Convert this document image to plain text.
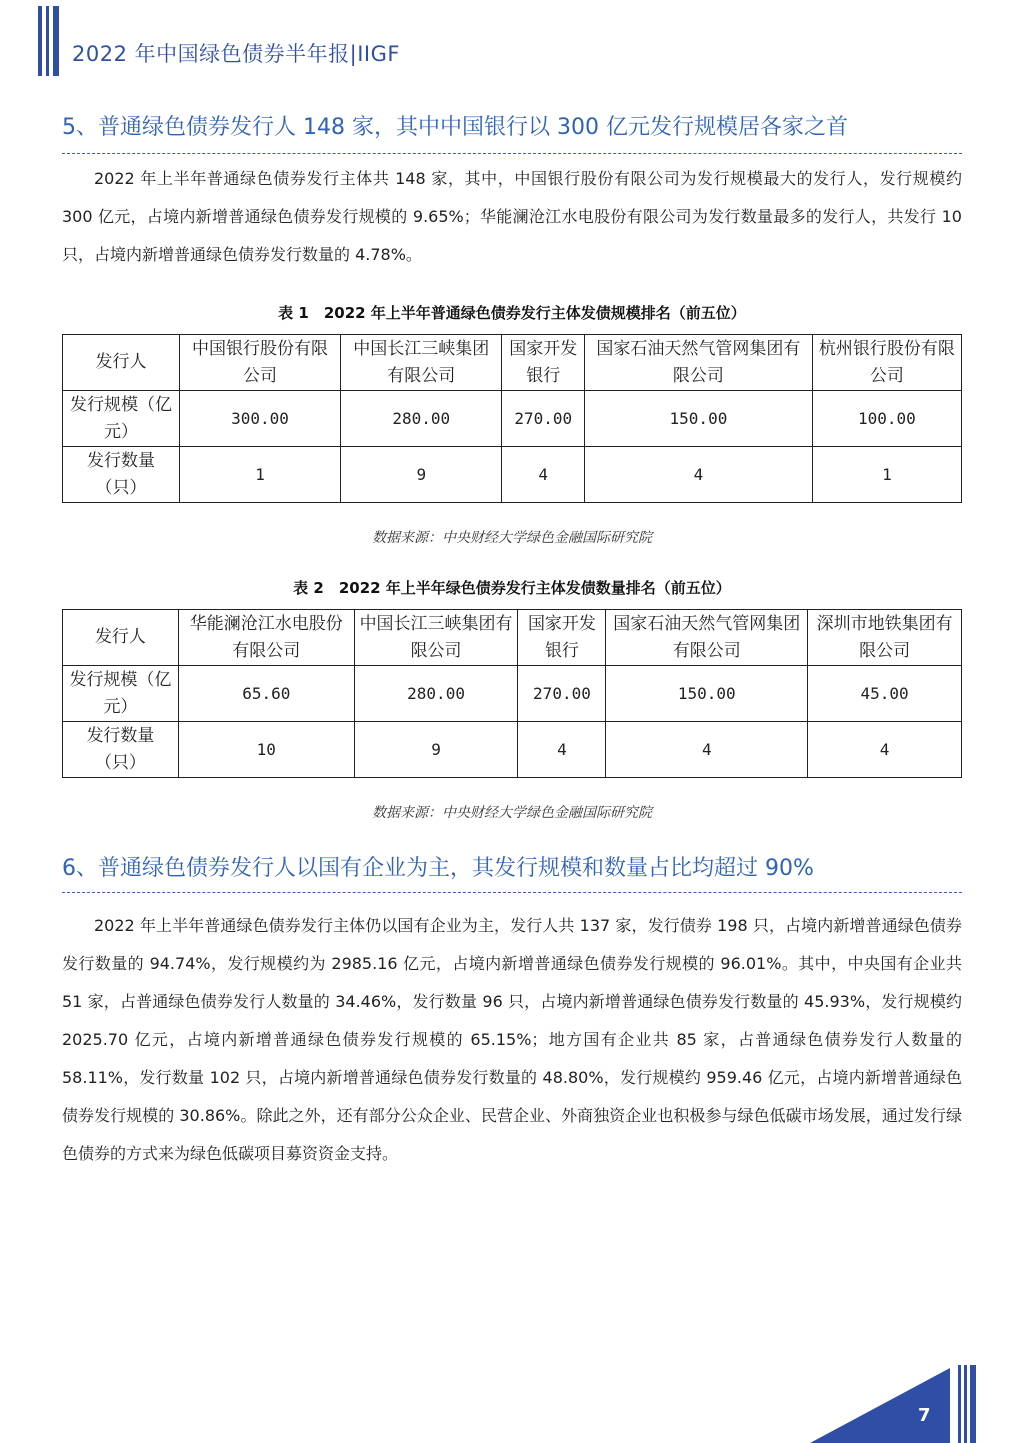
2022 年中国绿色债券半年报|IIGF
5、普通绿色债券发行人 148 家，其中中国银行以 300 亿元发行规模居各家之首

2022 年上半年普通绿色债券发行主体共 148 家，其中，中国银行股份有限公司为发行规模最大的发行人，发行规模约 300 亿元，占境内新增普通绿色债券发行规模的 9.65%；华能澜沧江水电股份有限公司为发行数量最多的发行人，共发行 10 只，占境内新增普通绿色债券发行数量的 4.78%。

表 1　2022 年上半年普通绿色债券发行主体发债规模排名（前五位）
发行人	中国银行股份有限公司	中国长江三峡集团有限公司	国家开发银行	国家石油天然气管网集团有限公司	杭州银行股份有限公司
发行规模（亿元）	300.00	280.00	270.00	150.00	100.00
发行数量（只）	1	9	4	4	1
数据来源：中央财经大学绿色金融国际研究院
表 2　2022 年上半年绿色债券发行主体发债数量排名（前五位）
发行人	华能澜沧江水电股份有限公司	中国长江三峡集团有限公司	国家开发银行	国家石油天然气管网集团有限公司	深圳市地铁集团有限公司
发行规模（亿元）	65.60	280.00	270.00	150.00	45.00
发行数量（只）	10	9	4	4	4
数据来源：中央财经大学绿色金融国际研究院
6、普通绿色债券发行人以国有企业为主，其发行规模和数量占比均超过 90%

2022 年上半年普通绿色债券发行主体仍以国有企业为主，发行人共 137 家，发行债券 198 只，占境内新增普通绿色债券发行数量的 94.74%，发行规模约为 2985.16 亿元，占境内新增普通绿色债券发行规模的 96.01%。其中，中央国有企业共 51 家，占普通绿色债券发行人数量的 34.46%，发行数量 96 只，占境内新增普通绿色债券发行数量的 45.93%，发行规模约 2025.70 亿元，占境内新增普通绿色债券发行规模的 65.15%；地方国有企业共 85 家，占普通绿色债券发行人数量的 58.11%，发行数量 102 只，占境内新增普通绿色债券发行数量的 48.80%，发行规模约 959.46 亿元，占境内新增普通绿色债券发行规模的 30.86%。除此之外，还有部分公众企业、民营企业、外商独资企业也积极参与绿色低碳市场发展，通过发行绿色债券的方式来为绿色低碳项目募资资金支持。

7
